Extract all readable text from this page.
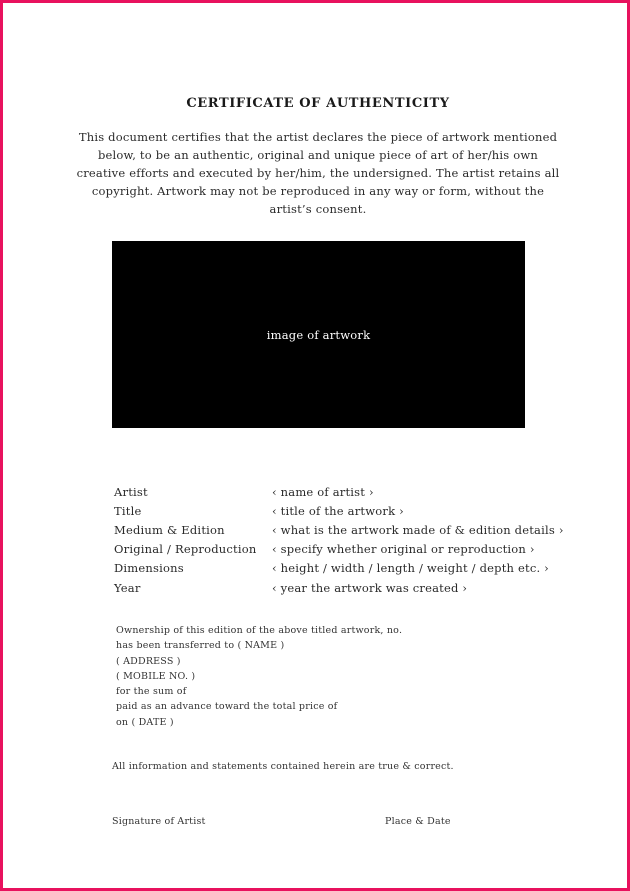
CERTIFICATE OF AUTHENTICITY
This document certifies that the artist declares the piece of artwork mentioned below, to be an authentic, original and unique piece of art of her/his own creative efforts and executed by her/him, the undersigned. The artist retains all copyright. Artwork may not be reproduced in any way or form, without the artist’s consent.
image of artwork
Artist	‹ name of artist ›
Title	‹ title of the artwork ›
Medium & Edition	‹ what is the artwork made of & edition details ›
Original / Reproduction	‹ specify whether original or reproduction ›
Dimensions	‹ height / width / length / weight / depth etc. ›
Year	‹ year the artwork was created ›
Ownership of this edition of the above titled artwork, no.
has been transferred to ( NAME )
( ADDRESS )
( MOBILE NO. )
for the sum of
paid as an advance toward the total price of
on ( DATE )
All information and statements contained herein are true & correct.
Signature of Artist	Place & Date
